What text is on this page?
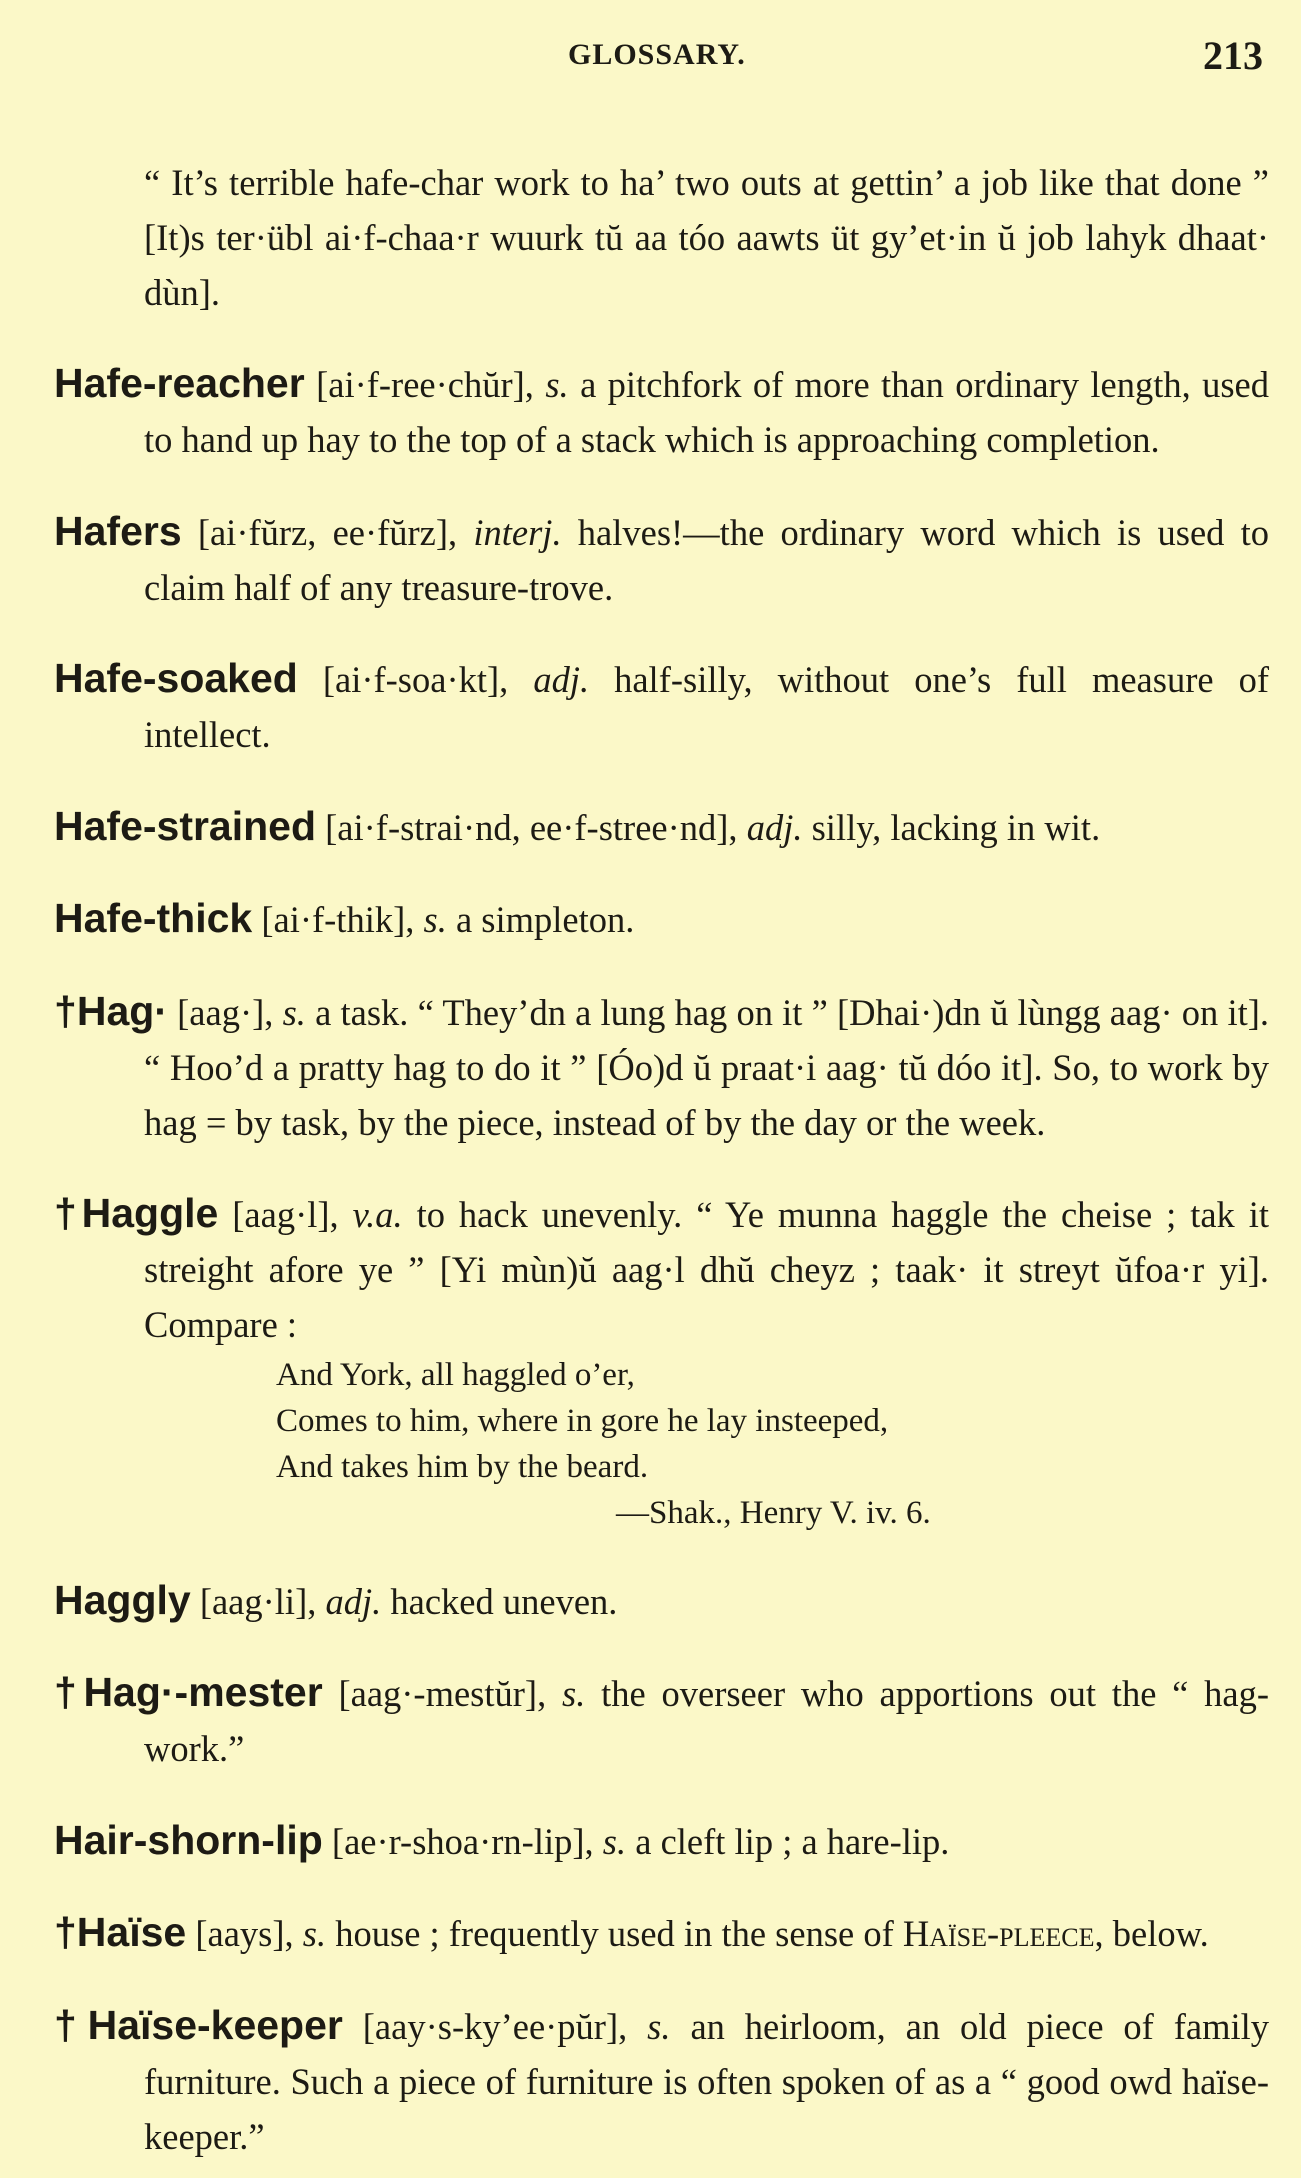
GLOSSARY.	213

“ It’s terrible hafe-char work to ha’ two outs at gettin’ a job like that done ” [It)s ter·übl ai·f-chaa·r wuurk tŭ aa tóo aawts üt gy’et·in ŭ job lahyk dhaat· dùn].

Hafe-reacher [ai·f-ree·chŭr], s. a pitchfork of more than ordinary length, used to hand up hay to the top of a stack which is approaching completion.

Hafers [ai·fŭrz, ee·fŭrz], interj. halves!—the ordinary word which is used to claim half of any treasure-trove.

Hafe-soaked [ai·f-soa·kt], adj. half-silly, without one’s full measure of intellect.

Hafe-strained [ai·f-strai·nd, ee·f-stree·nd], adj. silly, lacking in wit.

Hafe-thick [ai·f-thik], s. a simpleton.

†Hag· [aag·], s. a task. “ They’dn a lung hag on it ” [Dhai·)dn ŭ lùngg aag· on it]. “ Hoo’d a pratty hag to do it ” [Óo)d ŭ praat·i aag· tŭ dóo it]. So, to work by hag = by task, by the piece, instead of by the day or the week.

†Haggle [aag·l], v.a. to hack unevenly. “ Ye munna haggle the cheise ; tak it streight afore ye ” [Yi mùn)ŭ aag·l dhŭ cheyz ; taak· it streyt ŭfoa·r yi]. Compare :

And York, all haggled o’er,
Comes to him, where in gore he lay insteeped,
And takes him by the beard.
—Shak., Henry V. iv. 6.

Haggly [aag·li], adj. hacked uneven.

†Hag·-mester [aag·-mestŭr], s. the overseer who apportions out the “ hag-work.”

Hair-shorn-lip [ae·r-shoa·rn-lip], s. a cleft lip ; a hare-lip.

†Haïse [aays], s. house ; frequently used in the sense of Haïse-pleece, below.

†Haïse-keeper [aay·s-ky’ee·pŭr], s. an heirloom, an old piece of family furniture. Such a piece of furniture is often spoken of as a “ good owd haïse-keeper.”
